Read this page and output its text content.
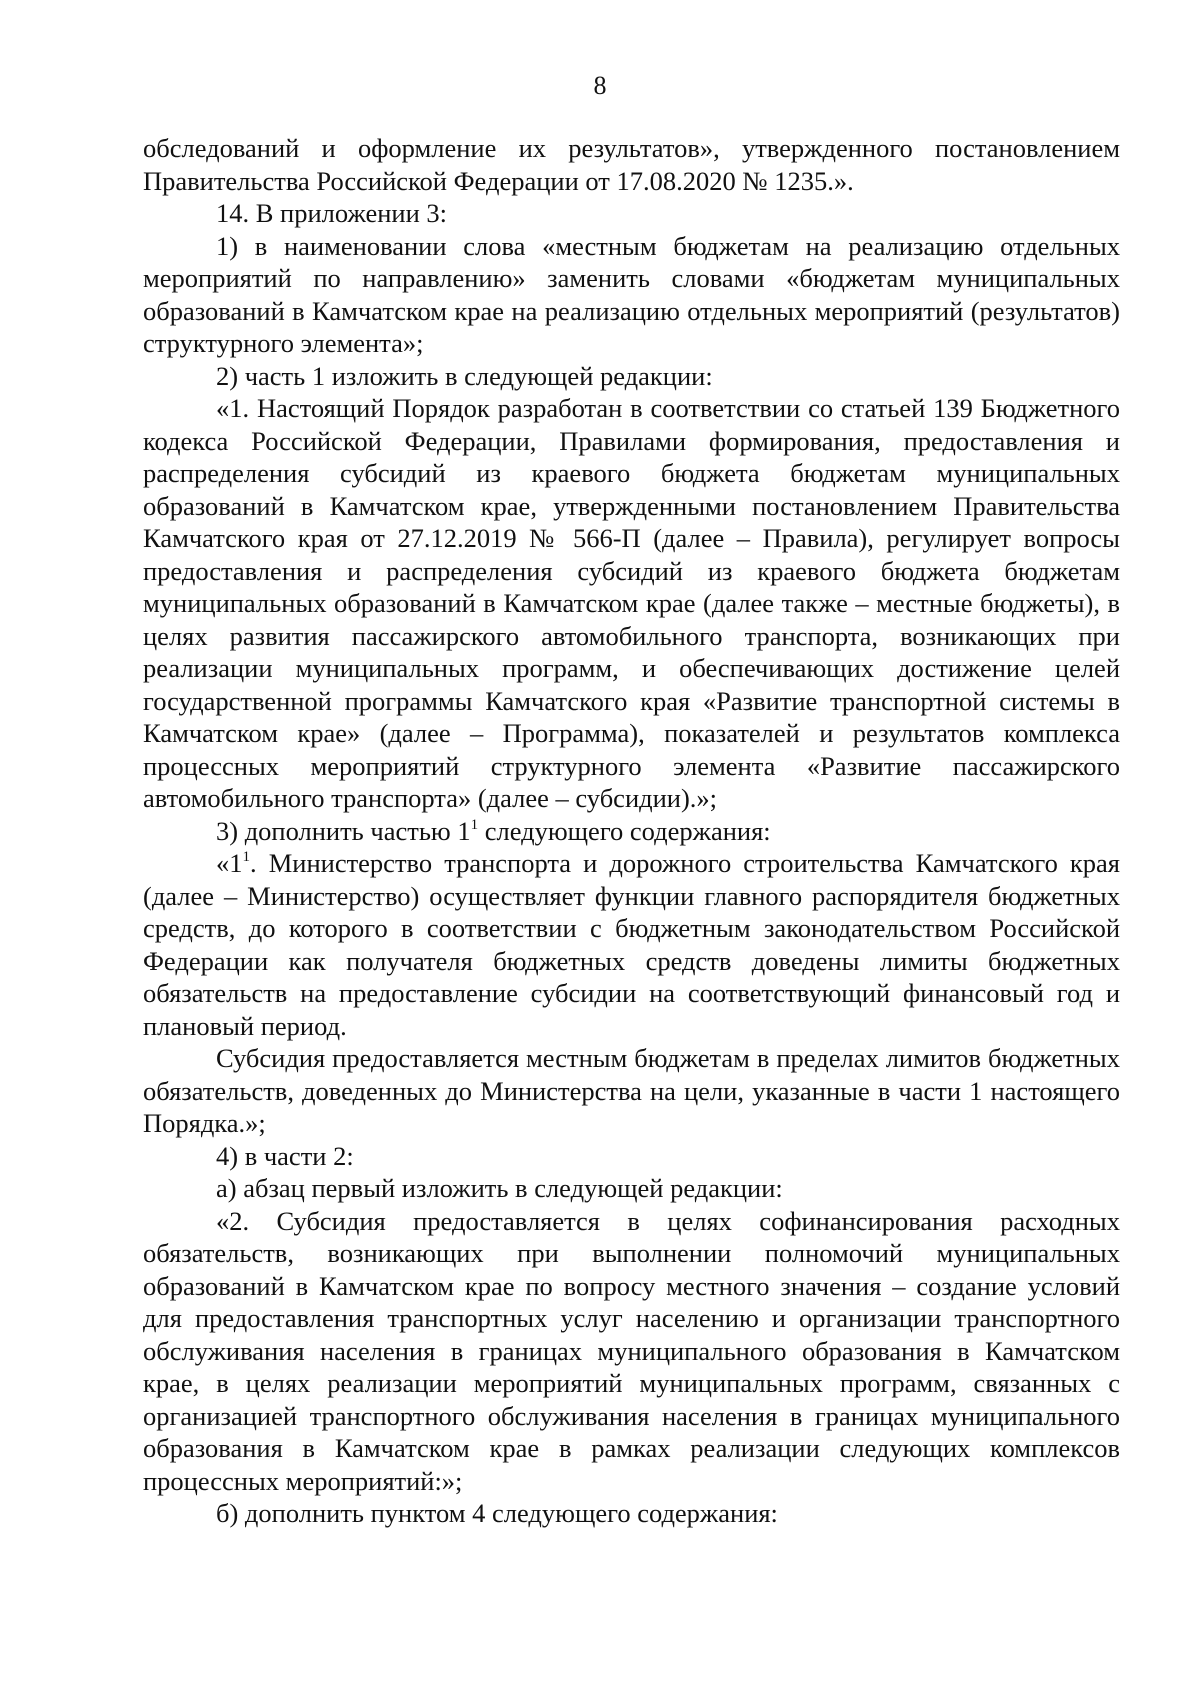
8

обследований и оформление их результатов», утвержденного постановлением Правительства Российской Федерации от 17.08.2020 № 1235.».

14. В приложении 3:

1) в наименовании слова «местным бюджетам на реализацию отдельных мероприятий по направлению» заменить словами «бюджетам муниципальных образований в Камчатском крае на реализацию отдельных мероприятий (результатов) структурного элемента»;

2) часть 1 изложить в следующей редакции:

«1. Настоящий Порядок разработан в соответствии со статьей 139 Бюджетного кодекса Российской Федерации, Правилами формирования, предоставления и распределения субсидий из краевого бюджета бюджетам муниципальных образований в Камчатском крае, утвержденными постановлением Правительства Камчатского края от 27.12.2019 № 566-П (далее – Правила), регулирует вопросы предоставления и распределения субсидий из краевого бюджета бюджетам муниципальных образований в Камчатском крае (далее также – местные бюджеты), в целях развития пассажирского автомобильного транспорта, возникающих при реализации муниципальных программ, и обеспечивающих достижение целей государственной программы Камчатского края «Развитие транспортной системы в Камчатском крае» (далее – Программа), показателей и результатов комплекса процессных мероприятий структурного элемента «Развитие пассажирского автомобильного транспорта» (далее – субсидии).»;

3) дополнить частью $1^1$ следующего содержания:

«$1^1$. Министерство транспорта и дорожного строительства Камчатского края (далее – Министерство) осуществляет функции главного распорядителя бюджетных средств, до которого в соответствии с бюджетным законодательством Российской Федерации как получателя бюджетных средств доведены лимиты бюджетных обязательств на предоставление субсидии на соответствующий финансовый год и плановый период.

Субсидия предоставляется местным бюджетам в пределах лимитов бюджетных обязательств, доведенных до Министерства на цели, указанные в части 1 настоящего Порядка.»;

4) в части 2:

а) абзац первый изложить в следующей редакции:

«2. Субсидия предоставляется в целях софинансирования расходных обязательств, возникающих при выполнении полномочий муниципальных образований в Камчатском крае по вопросу местного значения – создание условий для предоставления транспортных услуг населению и организации транспортного обслуживания населения в границах муниципального образования в Камчатском крае, в целях реализации мероприятий муниципальных программ, связанных с организацией транспортного обслуживания населения в границах муниципального образования в Камчатском крае в рамках реализации следующих комплексов процессных мероприятий:»;

б) дополнить пунктом 4 следующего содержания:
